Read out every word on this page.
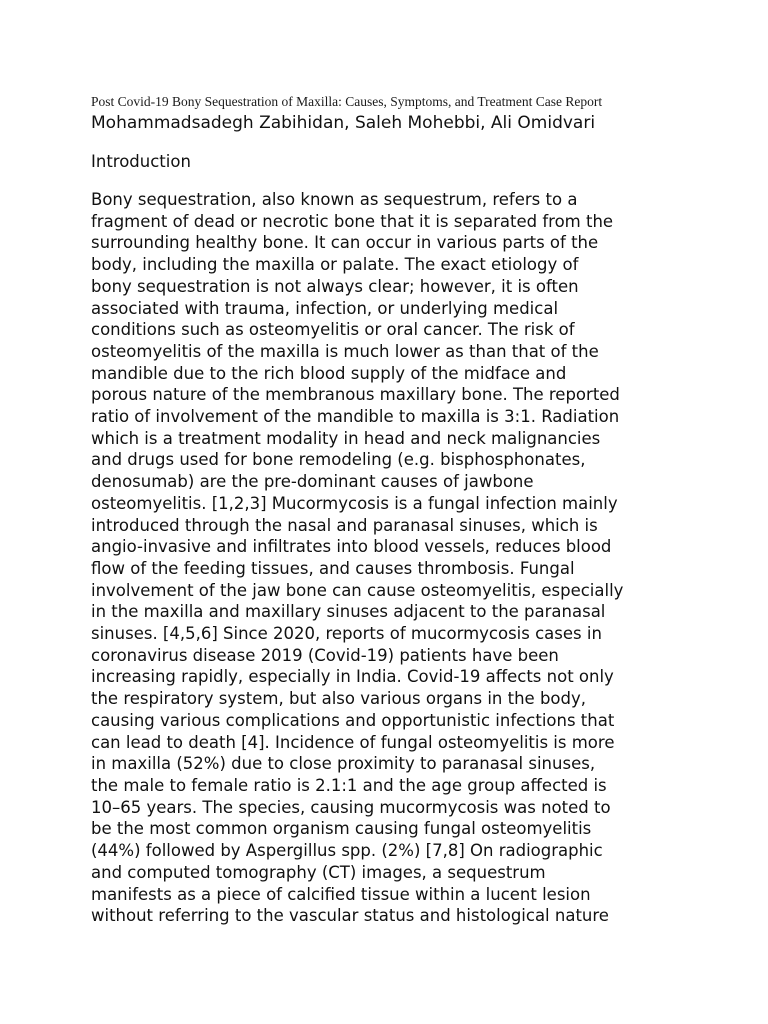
Post Covid-19 Bony Sequestration of Maxilla: Causes, Symptoms, and Treatment Case Report
Mohammadsadegh Zabihidan, Saleh Mohebbi, Ali Omidvari
Introduction

Bony sequestration, also known as sequestrum, refers to a
fragment of dead or necrotic bone that it is separated from the
surrounding healthy bone. It can occur in various parts of the
body, including the maxilla or palate. The exact etiology of
bony sequestration is not always clear; however, it is often
associated with trauma, infection, or underlying medical
conditions such as osteomyelitis or oral cancer. The risk of
osteomyelitis of the maxilla is much lower as than that of the
mandible due to the rich blood supply of the midface and
porous nature of the membranous maxillary bone. The reported
ratio of involvement of the mandible to maxilla is 3:1. Radiation
which is a treatment modality in head and neck malignancies
and drugs used for bone remodeling (e.g. bisphosphonates,
denosumab) are the pre-dominant causes of jawbone
osteomyelitis. [1,2,3] Mucormycosis is a fungal infection mainly
introduced through the nasal and paranasal sinuses, which is
angio-invasive and infiltrates into blood vessels, reduces blood
flow of the feeding tissues, and causes thrombosis. Fungal
involvement of the jaw bone can cause osteomyelitis, especially
in the maxilla and maxillary sinuses adjacent to the paranasal
sinuses. [4,5,6] Since 2020, reports of mucormycosis cases in
coronavirus disease 2019 (Covid-19) patients have been
increasing rapidly, especially in India. Covid-19 affects not only
the respiratory system, but also various organs in the body,
causing various complications and opportunistic infections that
can lead to death [4]. Incidence of fungal osteomyelitis is more
in maxilla (52%) due to close proximity to paranasal sinuses,
the male to female ratio is 2.1:1 and the age group affected is
10–65 years. The species, causing mucormycosis was noted to
be the most common organism causing fungal osteomyelitis
(44%) followed by Aspergillus spp. (2%) [7,8] On radiographic
and computed tomography (CT) images, a sequestrum
manifests as a piece of calcified tissue within a lucent lesion
without referring to the vascular status and histological nature
